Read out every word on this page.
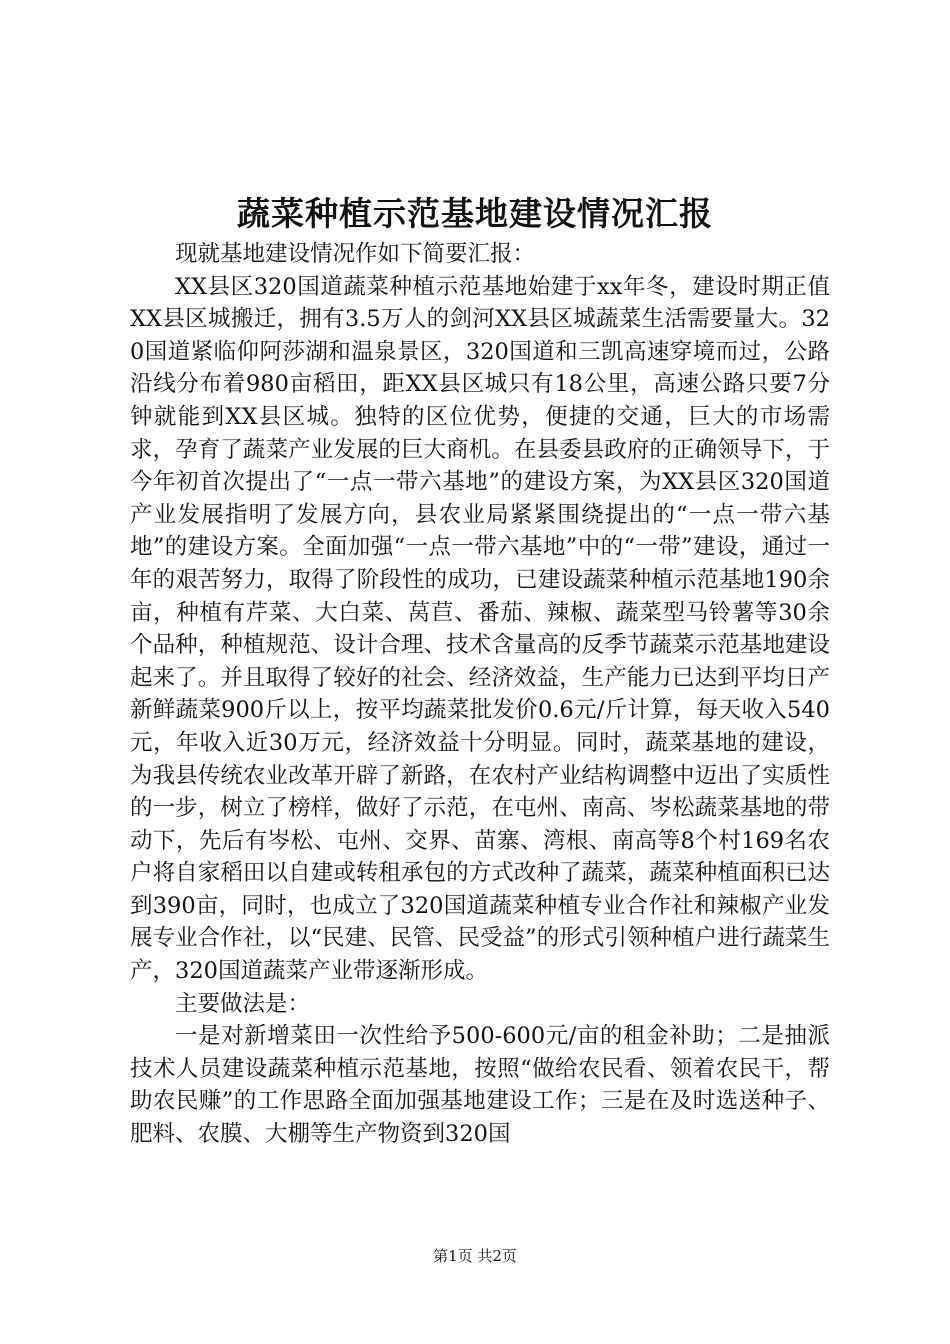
蔬菜种植示范基地建设情况汇报

现就基地建设情况作如下简要汇报：

XX县区320国道蔬菜种植示范基地始建于xx年冬，建设时期正值XX县区城搬迁，拥有3.5万人的剑河XX县区城蔬菜生活需要量大。320国道紧临仰阿莎湖和温泉景区，320国道和三凯高速穿境而过，公路沿线分布着980亩稻田，距XX县区城只有18公里，高速公路只要7分钟就能到XX县区城。独特的区位优势，便捷的交通，巨大的市场需求，孕育了蔬菜产业发展的巨大商机。在县委县政府的正确领导下，于今年初首次提出了“一点一带六基地”的建设方案，为XX县区320国道产业发展指明了发展方向，县农业局紧紧围绕提出的“一点一带六基地”的建设方案。全面加强“一点一带六基地”中的“一带”建设，通过一年的艰苦努力，取得了阶段性的成功，已建设蔬菜种植示范基地190余亩，种植有芹菜、大白菜、莴苣、番茄、辣椒、蔬菜型马铃薯等30余个品种，种植规范、设计合理、技术含量高的反季节蔬菜示范基地建设起来了。并且取得了较好的社会、经济效益，生产能力已达到平均日产新鲜蔬菜900斤以上，按平均蔬菜批发价0.6元/斤计算，每天收入540元，年收入近30万元，经济效益十分明显。同时，蔬菜基地的建设，为我县传统农业改革开辟了新路，在农村产业结构调整中迈出了实质性的一步，树立了榜样，做好了示范，在屯州、南高、岑松蔬菜基地的带动下，先后有岑松、屯州、交界、苗寨、湾根、南高等8个村169名农户将自家稻田以自建或转租承包的方式改种了蔬菜，蔬菜种植面积已达到390亩，同时，也成立了320国道蔬菜种植专业合作社和辣椒产业发展专业合作社，以“民建、民管、民受益”的形式引领种植户进行蔬菜生产，320国道蔬菜产业带逐渐形成。

主要做法是：

一是对新增菜田一次性给予500-600元/亩的租金补助；二是抽派技术人员建设蔬菜种植示范基地，按照“做给农民看、领着农民干，帮助农民赚”的工作思路全面加强基地建设工作；三是在及时选送种子、肥料、农膜、大棚等生产物资到320国

第1页 共2页
